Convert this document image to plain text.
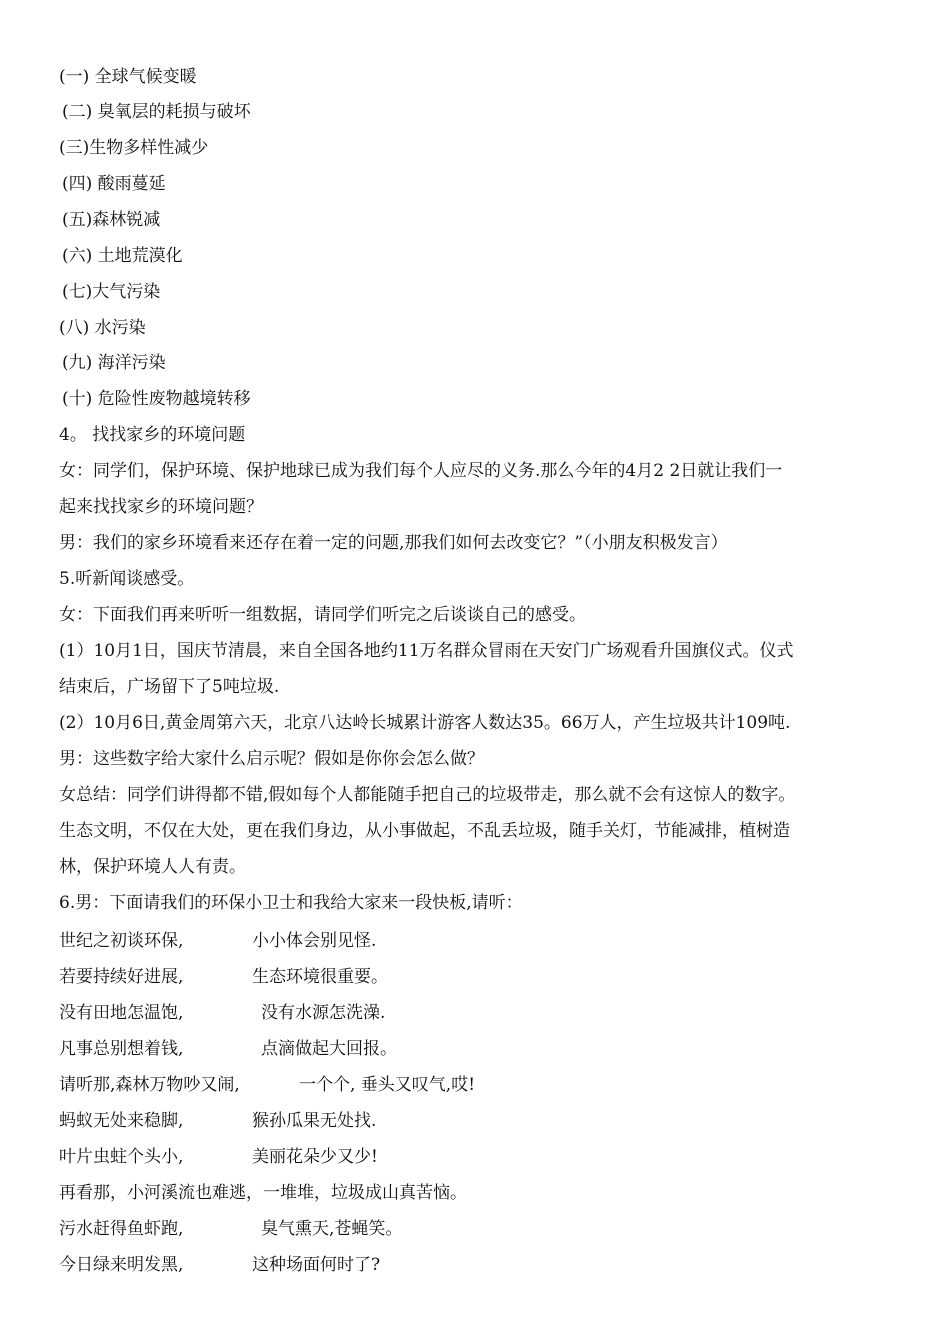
(一) 全球气候变暖
(二) 臭氧层的耗损与破坏
(三)生物多样性减少
(四) 酸雨蔓延
(五)森林锐减
(六) 土地荒漠化
(七)大气污染
(八) 水污染
(九) 海洋污染
(十) 危险性废物越境转移
4。 找找家乡的环境问题
女：同学们，保护环境、保护地球已成为我们每个人应尽的义务.那么今年的4月2 2日就让我们一
起来找找家乡的环境问题？
男：我们的家乡环境看来还存在着一定的问题,那我们如何去改变它？”（小朋友积极发言）
5.听新闻谈感受。
女：下面我们再来听听一组数据，请同学们听完之后谈谈自己的感受。
(1）10月1日，国庆节清晨，来自全国各地约11万名群众冒雨在天安门广场观看升国旗仪式。仪式
结束后，广场留下了5吨垃圾.
(2）10月6日,黄金周第六天，北京八达岭长城累计游客人数达35。66万人，产生垃圾共计109吨.
男：这些数字给大家什么启示呢？假如是你你会怎么做？
女总结：同学们讲得都不错,假如每个人都能随手把自己的垃圾带走，那么就不会有这惊人的数字。
生态文明，不仅在大处，更在我们身边，从小事做起，不乱丢垃圾，随手关灯，节能减排，植树造
林，保护环境人人有责。
6.男：下面请我们的环保小卫士和我给大家来一段快板,请听：
世纪之初谈环保,	小小体会别见怪.
若要持续好进展,	生态环境很重要。
没有田地怎温饱,	没有水源怎洗澡.
凡事总别想着钱,	点滴做起大回报。
请听那,森林万物吵又闹,	一个个, 垂头又叹气,哎!
蚂蚁无处来稳脚,	猴孙瓜果无处找.
叶片虫蛀个头小,	美丽花朵少又少!
再看那，小河溪流也难逃，一堆堆，垃圾成山真苦恼。
污水赶得鱼虾跑,	臭气熏天,苍蝇笑。
今日绿来明发黑,	这种场面何时了?
